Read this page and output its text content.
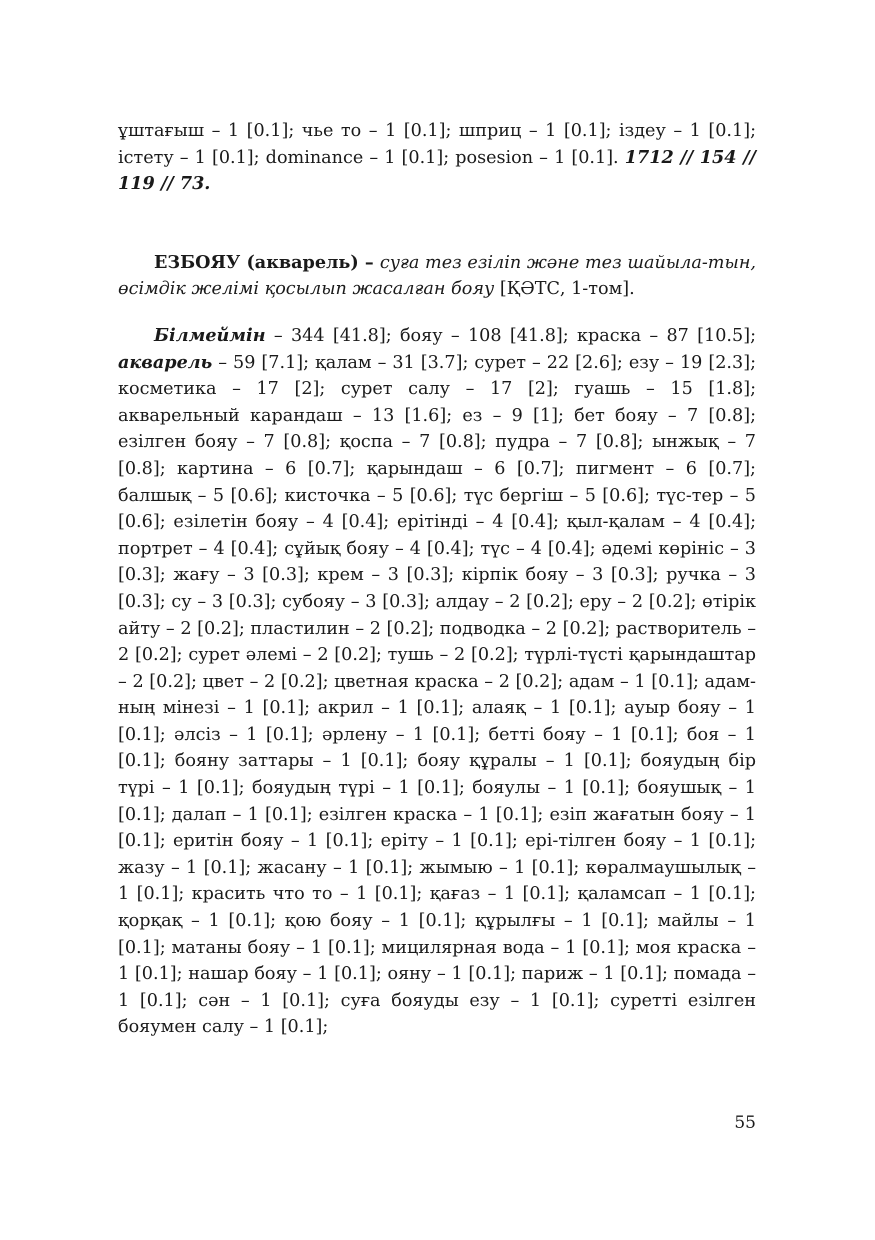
ұштағыш – 1 [0.1]; чье то – 1 [0.1]; шприц – 1 [0.1]; іздеу – 1 [0.1]; істету – 1 [0.1]; dominance – 1 [0.1]; posesion – 1 [0.1]. 1712 // 154 // 119 // 73.

ЕЗБОЯУ (акварель) – суға тез езіліп және тез шайыла-тын, өсімдік желімі қосылып жасалған бояу [ҚӘТС, 1-том].

Білмеймін – 344 [41.8]; бояу – 108 [41.8]; краска – 87 [10.5]; акварель – 59 [7.1]; қалам – 31 [3.7]; сурет – 22 [2.6]; езу – 19 [2.3]; косметика – 17 [2]; сурет салу – 17 [2]; гуашь – 15 [1.8]; акварельный карандаш – 13 [1.6]; ез – 9 [1]; бет бояу – 7 [0.8]; езілген бояу – 7 [0.8]; қоспа – 7 [0.8]; пудра – 7 [0.8]; ынжық – 7 [0.8]; картина – 6 [0.7]; қарындаш – 6 [0.7]; пигмент – 6 [0.7]; балшық – 5 [0.6]; кисточка – 5 [0.6]; түс бергіш – 5 [0.6]; түс-тер – 5 [0.6]; езілетін бояу – 4 [0.4]; ерітінді – 4 [0.4]; қыл-қалам – 4 [0.4]; портрет – 4 [0.4]; сұйық бояу – 4 [0.4]; түс – 4 [0.4]; әдемі көрініс – 3 [0.3]; жағу – 3 [0.3]; крем – 3 [0.3]; кірпік бояу – 3 [0.3]; ручка – 3 [0.3]; су – 3 [0.3]; субояу – 3 [0.3]; алдау – 2 [0.2]; еру – 2 [0.2]; өтірік айту – 2 [0.2]; пластилин – 2 [0.2]; подводка – 2 [0.2]; растворитель – 2 [0.2]; сурет әлемі – 2 [0.2]; тушь – 2 [0.2]; түрлі-түсті қарындаштар – 2 [0.2]; цвет – 2 [0.2]; цветная краска – 2 [0.2]; адам – 1 [0.1]; адам-ның мінезі – 1 [0.1]; акрил – 1 [0.1]; алаяқ – 1 [0.1]; ауыр бояу – 1 [0.1]; әлсіз – 1 [0.1]; әрлену – 1 [0.1]; бетті бояу – 1 [0.1]; боя – 1 [0.1]; бояну заттары – 1 [0.1]; бояу құралы – 1 [0.1]; бояудың бір түрі – 1 [0.1]; бояудың түрі – 1 [0.1]; бояулы – 1 [0.1]; бояушық – 1 [0.1]; далап – 1 [0.1]; езілген краска – 1 [0.1]; езіп жағатын бояу – 1 [0.1]; еритін бояу – 1 [0.1]; еріту – 1 [0.1]; ері-тілген бояу – 1 [0.1]; жазу – 1 [0.1]; жасану – 1 [0.1]; жымыю – 1 [0.1]; көралмаушылық – 1 [0.1]; красить что то – 1 [0.1]; қағаз – 1 [0.1]; қаламсап – 1 [0.1]; қорқақ – 1 [0.1]; қою бояу – 1 [0.1]; құрылғы – 1 [0.1]; майлы – 1 [0.1]; матаны бояу – 1 [0.1]; мицилярная вода – 1 [0.1]; моя краска – 1 [0.1]; нашар бояу – 1 [0.1]; ояну – 1 [0.1]; париж – 1 [0.1]; помада – 1 [0.1]; сән – 1 [0.1]; суға бояуды езу – 1 [0.1]; суретті езілген бояумен салу – 1 [0.1];

55
